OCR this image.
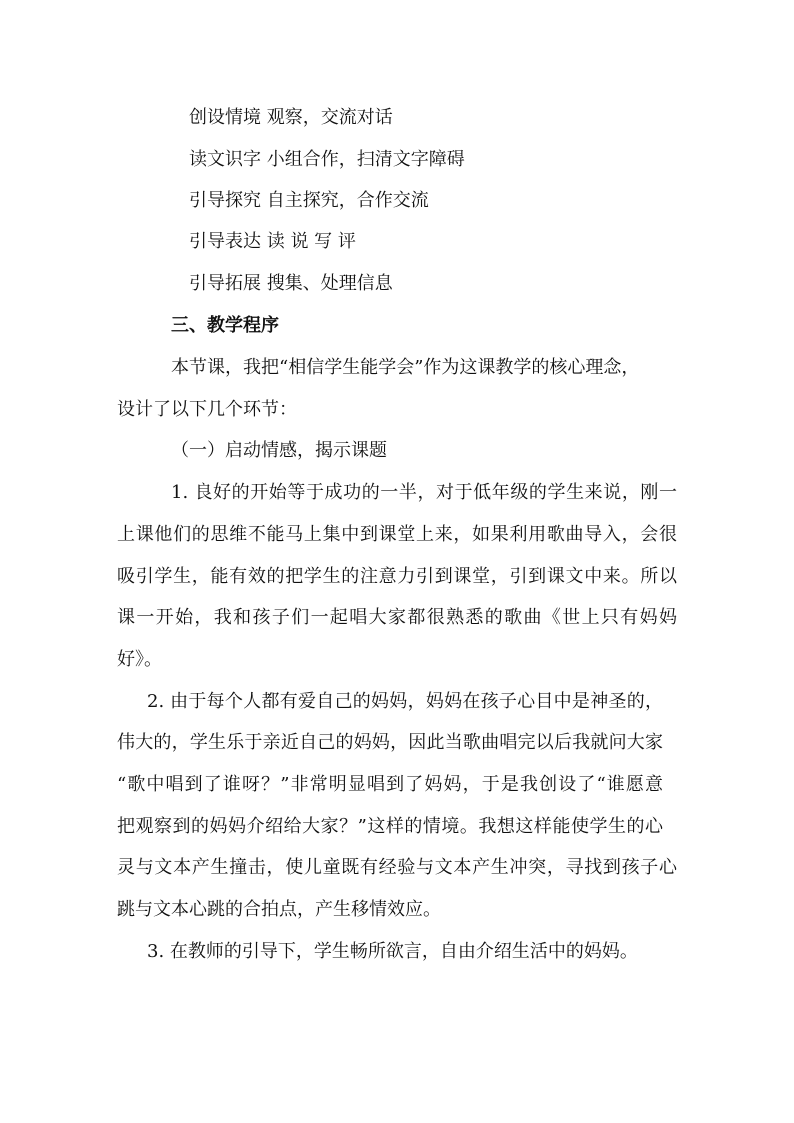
创设情境 观察，交流对话
读文识字 小组合作，扫清文字障碍
引导探究 自主探究，合作交流
引导表达 读 说 写 评
引导拓展 搜集、处理信息
三、教学程序
本节课，我把“相信学生能学会”作为这课教学的核心理念，
设计了以下几个环节：
（一）启动情感，揭示课题
1. 良好的开始等于成功的一半，对于低年级的学生来说，刚一
上课他们的思维不能马上集中到课堂上来，如果利用歌曲导入，会很
吸引学生，能有效的把学生的注意力引到课堂，引到课文中来。所以
课一开始，我和孩子们一起唱大家都很熟悉的歌曲《世上只有妈妈
好》。
2. 由于每个人都有爱自己的妈妈，妈妈在孩子心目中是神圣的，
伟大的，学生乐于亲近自己的妈妈，因此当歌曲唱完以后我就问大家
“歌中唱到了谁呀？”非常明显唱到了妈妈，于是我创设了“谁愿意
把观察到的妈妈介绍给大家？”这样的情境。我想这样能使学生的心
灵与文本产生撞击，使儿童既有经验与文本产生冲突，寻找到孩子心
跳与文本心跳的合拍点，产生移情效应。
3. 在教师的引导下，学生畅所欲言，自由介绍生活中的妈妈。
